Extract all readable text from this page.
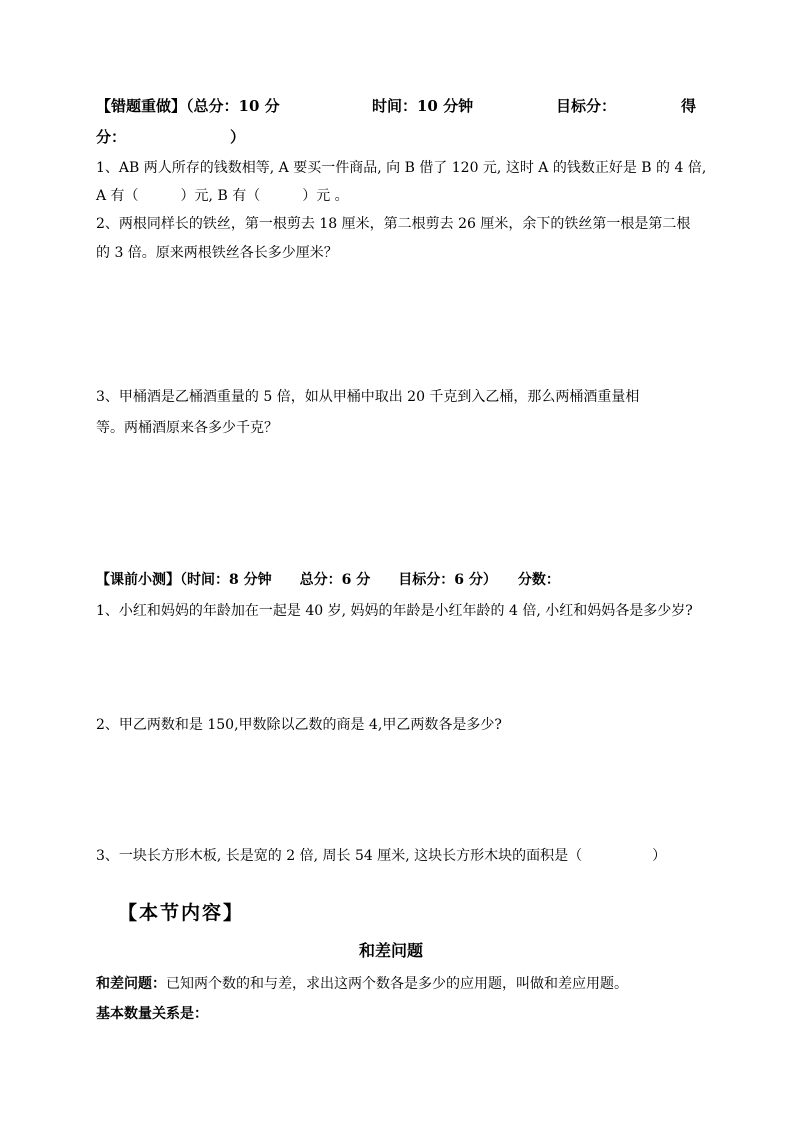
【错题重做】（总分：10 分	时间：10 分钟	目标分：	得
分：	）
1、AB 两人所存的钱数相等, A 要买一件商品, 向 B 借了 120 元, 这时 A 的钱数正好是 B 的 4 倍,
A 有（　　　）元, B 有（　　　）元 。
2、两根同样长的铁丝，第一根剪去 18 厘米，第二根剪去 26 厘米，余下的铁丝第一根是第二根
的 3 倍。原来两根铁丝各长多少厘米？
3、甲桶酒是乙桶酒重量的 5 倍，如从甲桶中取出 20 千克到入乙桶，那么两桶酒重量相
等。两桶酒原来各多少千克？
【课前小测】（时间：8 分钟　　总分：6 分　　目标分：6 分）　　分数：
1、小红和妈妈的年龄加在一起是 40 岁, 妈妈的年龄是小红年龄的 4 倍, 小红和妈妈各是多少岁?
2、甲乙两数和是 150,甲数除以乙数的商是 4,甲乙两数各是多少?
3、一块长方形木板, 长是宽的 2 倍, 周长 54 厘米, 这块长方形木块的面积是（　　　　　）
【本节内容】
和差问题
和差问题：已知两个数的和与差，求出这两个数各是多少的应用题，叫做和差应用题。
基本数量关系是：
